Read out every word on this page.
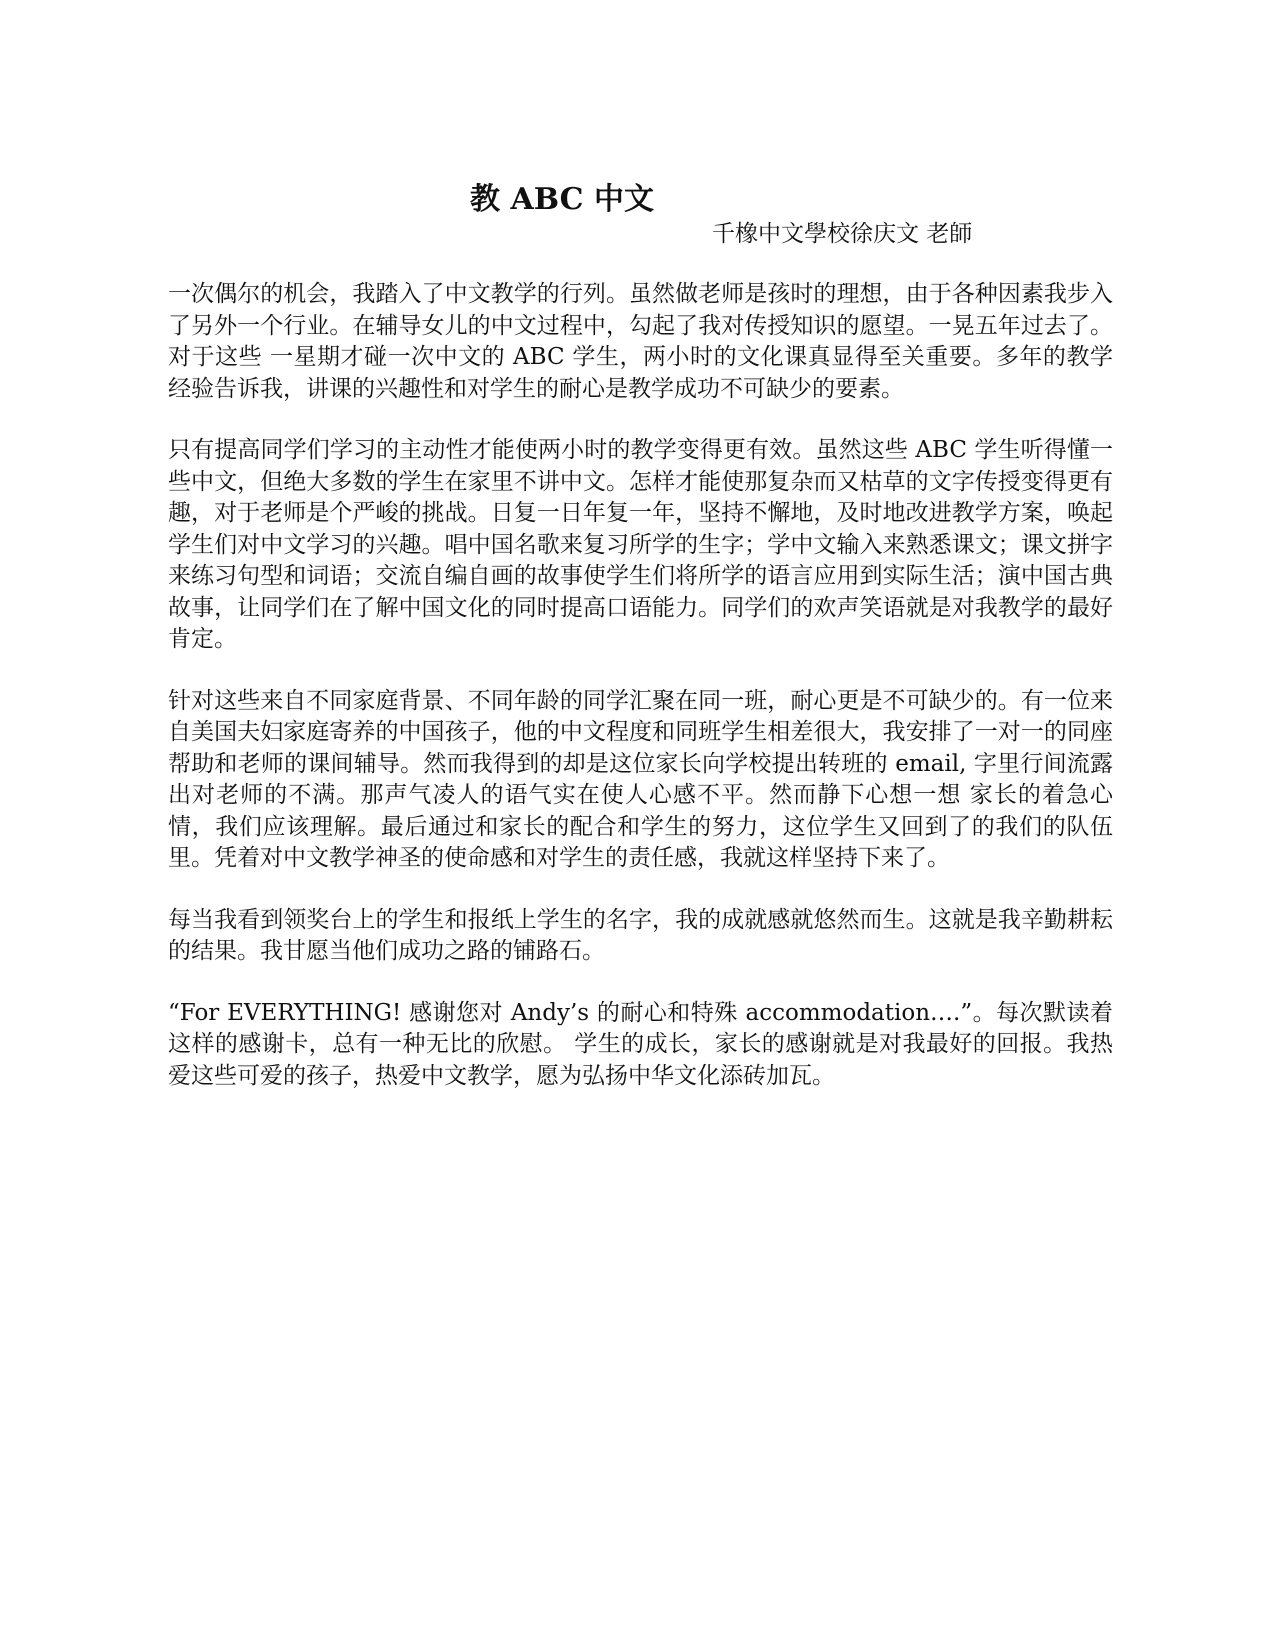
教 ABC 中文
千橡中文學校徐庆文 老師

一次偶尔的机会，我踏入了中文教学的行列。虽然做老师是孩时的理想，由于各种因素我步入了另外一个行业。在辅导女儿的中文过程中，勾起了我对传授知识的愿望。一晃五年过去了。对于这些 一星期才碰一次中文的 ABC 学生，两小时的文化课真显得至关重要。多年的教学经验告诉我，讲课的兴趣性和对学生的耐心是教学成功不可缺少的要素。

只有提高同学们学习的主动性才能使两小时的教学变得更有效。虽然这些 ABC 学生听得懂一些中文，但绝大多数的学生在家里不讲中文。怎样才能使那复杂而又枯草的文字传授变得更有趣，对于老师是个严峻的挑战。日复一日年复一年，坚持不懈地，及时地改进教学方案，唤起学生们对中文学习的兴趣。唱中国名歌来复习所学的生字；学中文输入来熟悉课文；课文拼字来练习句型和词语；交流自编自画的故事使学生们将所学的语言应用到实际生活；演中国古典故事，让同学们在了解中国文化的同时提高口语能力。同学们的欢声笑语就是对我教学的最好肯定。

针对这些来自不同家庭背景、不同年龄的同学汇聚在同一班，耐心更是不可缺少的。有一位来自美国夫妇家庭寄养的中国孩子，他的中文程度和同班学生相差很大，我安排了一对一的同座帮助和老师的课间辅导。然而我得到的却是这位家长向学校提出转班的 email, 字里行间流露出对老师的不满。那声气凌人的语气实在使人心感不平。然而静下心想一想 家长的着急心情，我们应该理解。最后通过和家长的配合和学生的努力，这位学生又回到了的我们的队伍里。凭着对中文教学神圣的使命感和对学生的责任感，我就这样坚持下来了。

每当我看到领奖台上的学生和报纸上学生的名字，我的成就感就悠然而生。这就是我辛勤耕耘的结果。我甘愿当他们成功之路的铺路石。

“For EVERYTHING! 感谢您对 Andy’s 的耐心和特殊 accommodation….”。每次默读着这样的感谢卡，总有一种无比的欣慰。 学生的成长，家长的感谢就是对我最好的回报。我热爱这些可爱的孩子，热爱中文教学，愿为弘扬中华文化添砖加瓦。
